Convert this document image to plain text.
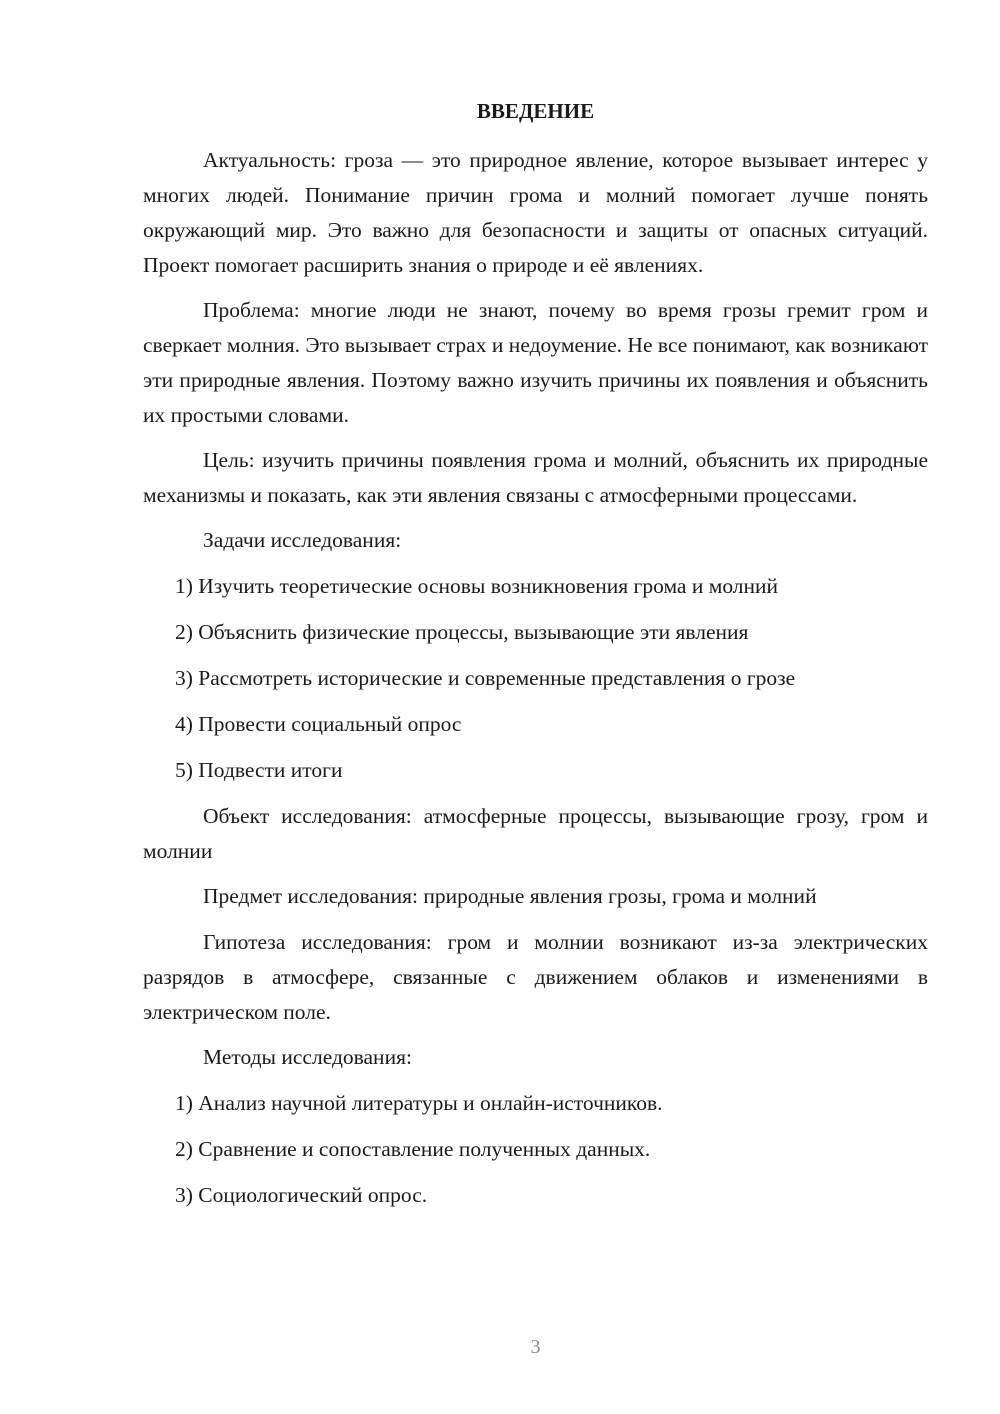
ВВЕДЕНИЕ

Актуальность: гроза — это природное явление, которое вызывает интерес у многих людей. Понимание причин грома и молний помогает лучше понять окружающий мир. Это важно для безопасности и защиты от опасных ситуаций. Проект помогает расширить знания о природе и её явлениях.

Проблема: многие люди не знают, почему во время грозы гремит гром и сверкает молния. Это вызывает страх и недоумение. Не все понимают, как возникают эти природные явления. Поэтому важно изучить причины их появления и объяснить их простыми словами.

Цель: изучить причины появления грома и молний, объяснить их природные механизмы и показать, как эти явления связаны с атмосферными процессами.

Задачи исследования:

1) Изучить теоретические основы возникновения грома и молний

2) Объяснить физические процессы, вызывающие эти явления

3) Рассмотреть исторические и современные представления о грозе

4) Провести социальный опрос

5) Подвести итоги

Объект исследования: атмосферные процессы, вызывающие грозу, гром и молнии

Предмет исследования: природные явления грозы, грома и молний

Гипотеза исследования: гром и молнии возникают из-за электрических разрядов в атмосфере, связанные с движением облаков и изменениями в электрическом поле.

Методы исследования:

1) Анализ научной литературы и онлайн-источников.

2) Сравнение и сопоставление полученных данных.

3) Социологический опрос.

3
